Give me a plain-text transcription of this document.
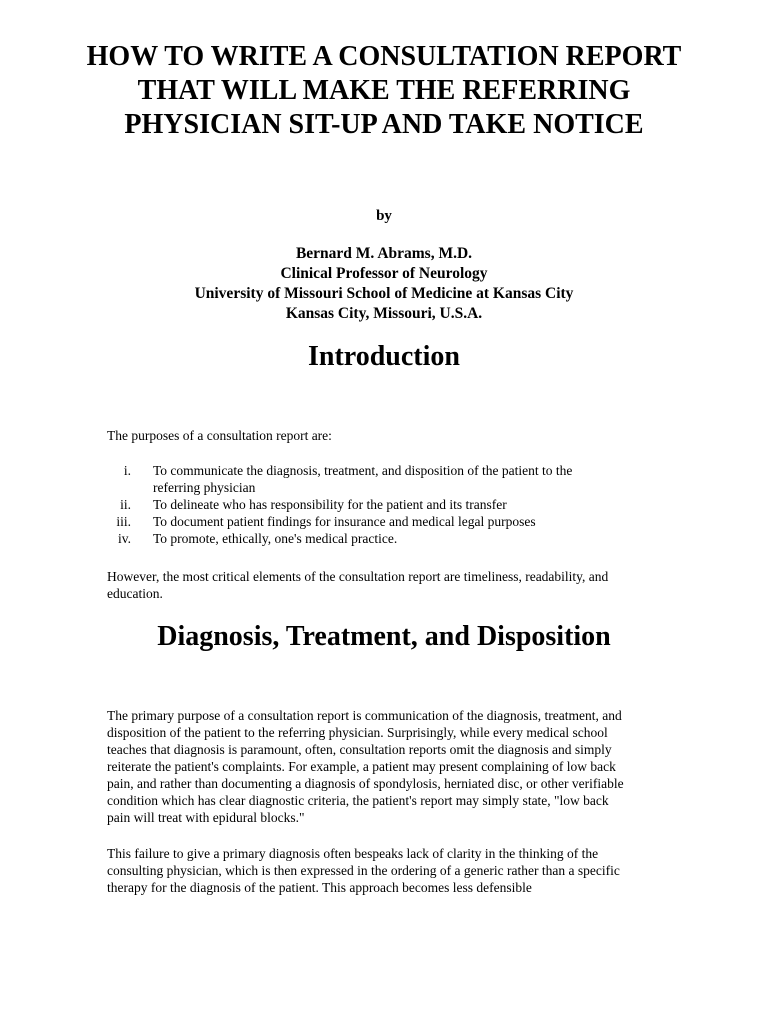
HOW TO WRITE A CONSULTATION REPORT THAT WILL MAKE THE REFERRING PHYSICIAN SIT-UP AND TAKE NOTICE
by
Bernard M. Abrams, M.D.
Clinical Professor of Neurology
University of Missouri School of Medicine at Kansas City
Kansas City, Missouri, U.S.A.
Introduction

The purposes of a consultation report are:

i. To communicate the diagnosis, treatment, and disposition of the patient to the referring physician
ii. To delineate who has responsibility for the patient and its transfer
iii. To document patient findings for insurance and medical legal purposes
iv. To promote, ethically, one's medical practice.

However, the most critical elements of the consultation report are timeliness, readability, and education.

Diagnosis, Treatment, and Disposition

The primary purpose of a consultation report is communication of the diagnosis, treatment, and disposition of the patient to the referring physician. Surprisingly, while every medical school teaches that diagnosis is paramount, often, consultation reports omit the diagnosis and simply reiterate the patient's complaints. For example, a patient may present complaining of low back pain, and rather than documenting a diagnosis of spondylosis, herniated disc, or other verifiable condition which has clear diagnostic criteria, the patient's report may simply state, "low back pain will treat with epidural blocks."

This failure to give a primary diagnosis often bespeaks lack of clarity in the thinking of the consulting physician, which is then expressed in the ordering of a generic rather than a specific therapy for the diagnosis of the patient. This approach becomes less defensible
